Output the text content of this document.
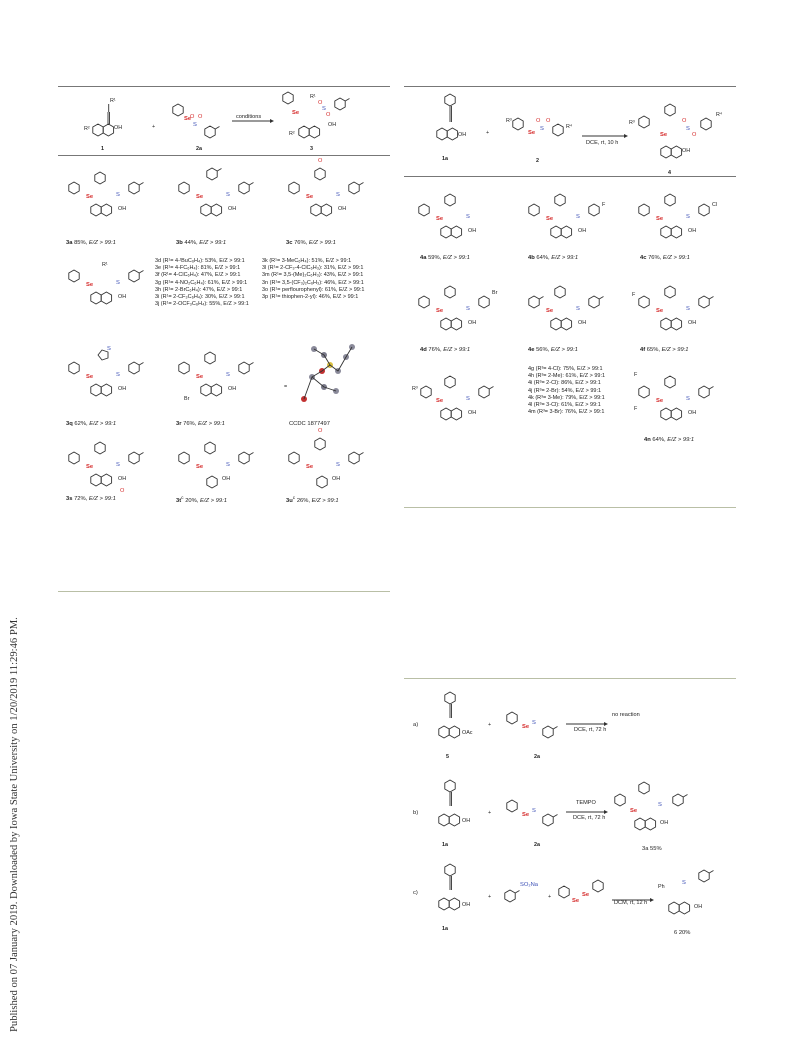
Published on 07 January 2019. Downloaded by Iowa State University on 1/20/2019 11:29:46 PM.
R¹
OH
R²
1
+
Se
S
O O
2a
Se
R¹
S
O
O
OH
R²
3
conditions
Se	S
OH
Se	S
OH
O
Se	S
OH
R¹
Se	S
OH
S
Se	S
OH
Se	S
OH
Br
=
Se	S
OH
O
Se	S
OH
O
Se	S
OH
3a 85%, E/Z > 99:1	3b 44%, E/Z > 99:1	3c 76%, E/Z > 99:1
3d (R¹= 4-ᵗBuC₆H₄): 53%, E/Z > 99:1
3e (R¹= 4-FC₆H₄): 81%, E/Z > 99:1
3f (R¹= 4-ClC₆H₄): 47%, E/Z > 99:1
3g (R¹= 4-NO₂C₆H₄): 61%, E/Z > 99:1
3h (R¹= 2-BrC₆H₄): 47%, E/Z > 99:1
3i (R¹= 2-CF₃C₆H₄): 30%, E/Z > 99:1
3j (R¹= 2-OCF₃C₆H₄): 55%, E/Z > 99:1
3k (R¹= 3-MeC₆H₄): 51%, E/Z > 99:1
3l (R¹= 2-CF₃-4-ClC₆H₃): 31%, E/Z > 99:1
3m (R¹= 3,5-(Me)₂C₆H₃): 43%, E/Z > 99:1
3n (R¹= 3,5-(CF₃)₂C₆H₃): 46%, E/Z > 99:1
3o (R¹= perflourophenyl): 61%, E/Z > 99:1
3p (R¹= thiophen-2-yl): 46%, E/Z > 99:1
3q 62%, E/Z > 99:1	3r 76%, E/Z > 99:1	CCDC 1877497
3s 72%, E/Z > 99:1	$3t^c$ 20%, E/Z > 99:1	$3u^c$ 26%, E/Z > 99:1
OH
1a
+
R³
Se
S
O O
R⁴
2
R³
Se
S
O
O
R⁴
OH
4
DCE, rt, 10 h
Se	S
OH
Se	S
F
OH
Se	S
Cl
OH
Se	S
Br
OH
Se	S
OH
F
Se	S
OH
R³
Se	S
OH
F
F
Se	S
OH
4a 59%, E/Z > 99:1	4b 64%, E/Z > 99:1	4c 76%, E/Z > 99:1
4d 76%, E/Z > 99:1	4e 56%, E/Z > 99:1	4f 65%, E/Z > 99:1
4g (R³= 4-Cl): 75%, E/Z > 99:1
4h (R³= 2-Me): 61%, E/Z > 99:1
4i (R³= 2-Cl): 86%, E/Z > 99:1
4j (R³= 2-Br): 54%, E/Z > 99:1
4k (R³= 3-Me): 79%, E/Z > 99:1
4l (R³= 3-Cl): 61%, E/Z > 99:1
4m (R³= 3-Br): 76%, E/Z > 99:1
4n 64%, E/Z > 99:1
a)
b)
c)
OAc
5
+	Se
S
2a
OH
1a
+	Se
S
2a
Se
S
OH
OH
1a
+
SO₂Na
+
Se
Se
Ph
S
OH
no reaction
DCE, rt, 72 h
TEMPO
DCE, rt, 72 h
3a 55%
DCM, rt, 12 h
6 20%
